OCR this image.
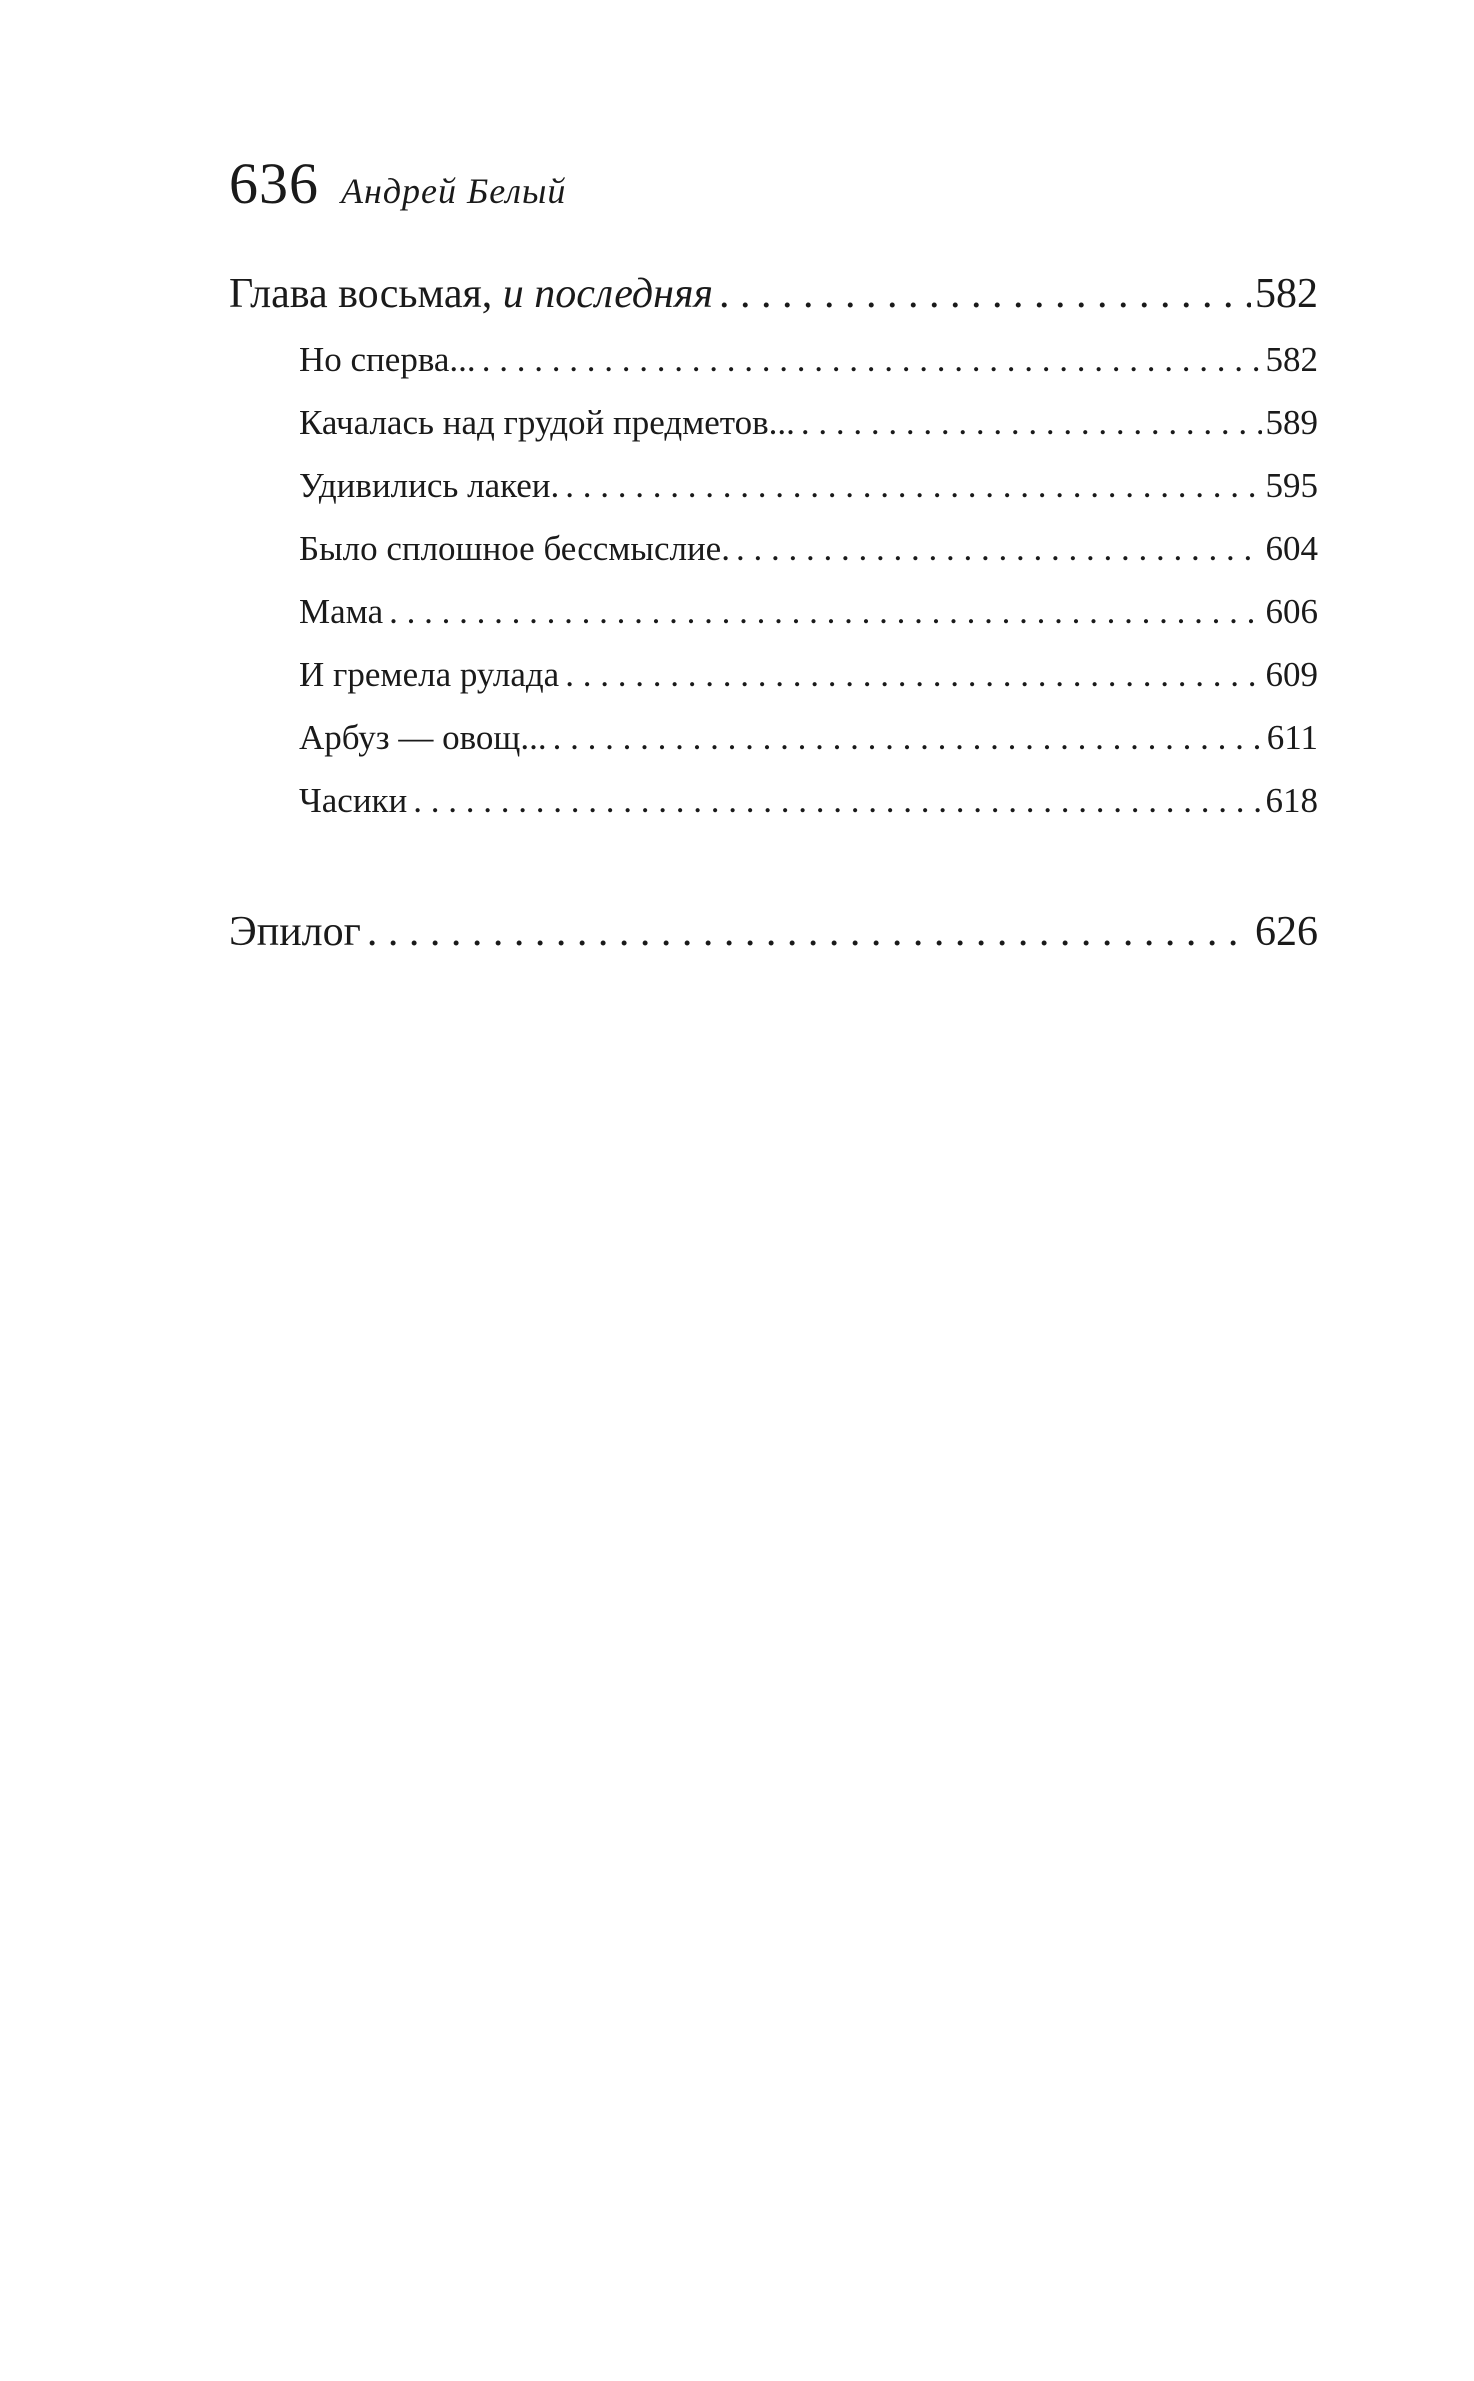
636 Андрей Белый
Глава восьмая, и последняя . . .	582
Но сперва... . . .	582
Качалась над грудой предметов... . . .	589
Удивились лакеи. . . .	595
Было сплошное бессмыслие. . . .	604
Мама . . .	606
И гремела рулада . . .	609
Арбуз — овощ... . . .	611
Часики . . .	618
Эпилог . . .	626
